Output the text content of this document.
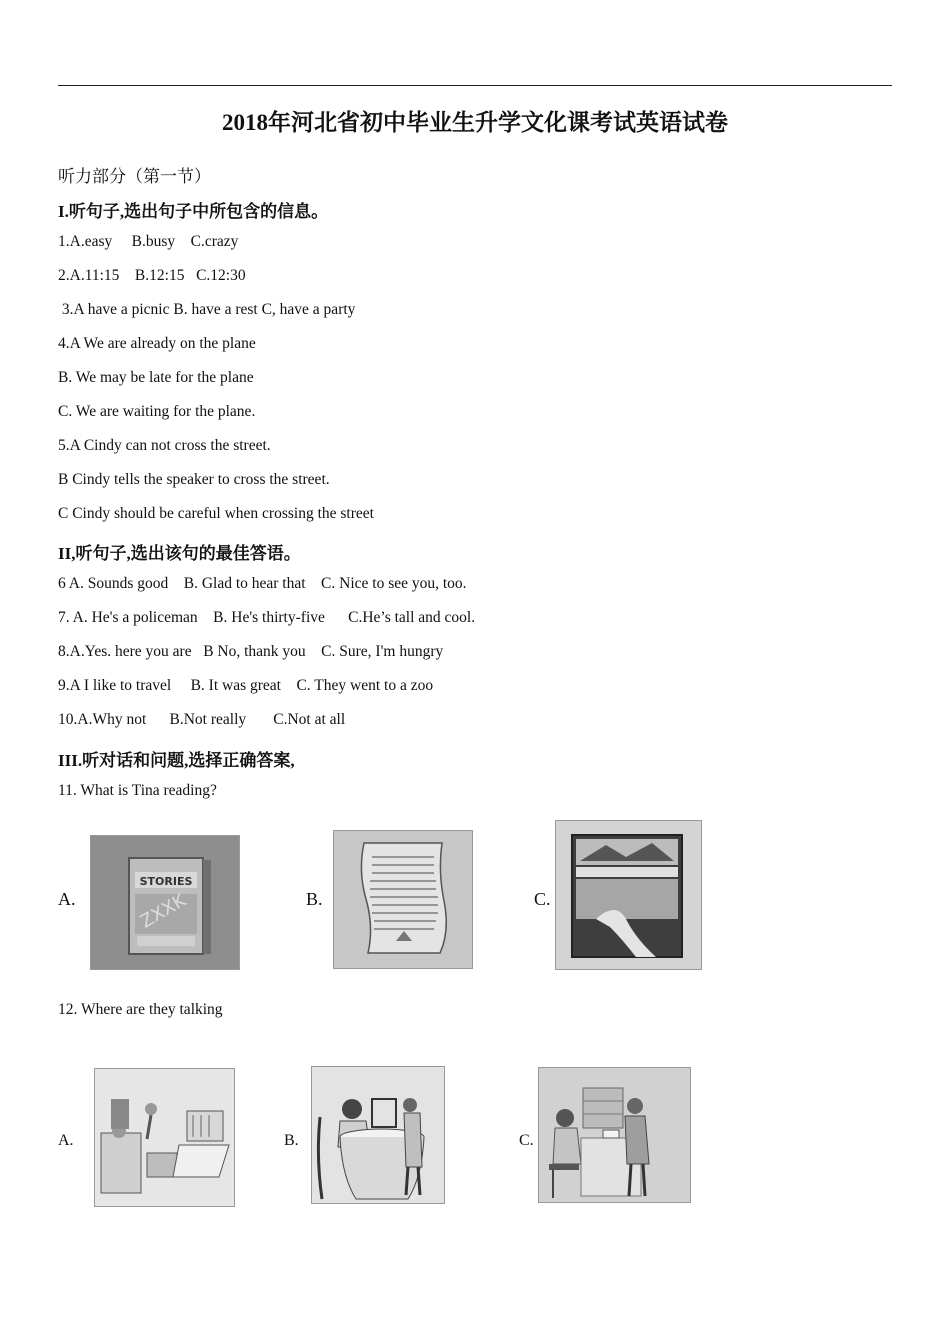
2018年河北省初中毕业生升学文化课考试英语试卷
听力部分（第一节）
I.听句子,选出句子中所包含的信息。
1.A.easy     B.busy    C.crazy
2.A.11:15    B.12:15   C.12:30
3.A have a picnic B. have a rest C, have a party
4.A We are already on the plane
B. We may be late for the plane
C. We are waiting for the plane.
5.A Cindy can not cross the street.
B Cindy tells the speaker to cross the street.
C Cindy should be careful when crossing the street
II,听句子,选出该句的最佳答语。
6 A. Sounds good    B. Glad to hear that    C. Nice to see you, too.
7. A. He's a policeman    B. He's thirty-five      C.He’s tall and cool.
8.A.Yes. here you are   B No, thank you    C. Sure, I'm hungry
9.A I like to travel     B. It was great    C. They went to a zoo
10.A.Why not      B.Not really       C.Not at all
III.听对话和问题,选择正确答案,
11. What is Tina reading?
A.
STORIES
ZXXK	B.	C.
12. Where are they talking
A.	B.	C.
